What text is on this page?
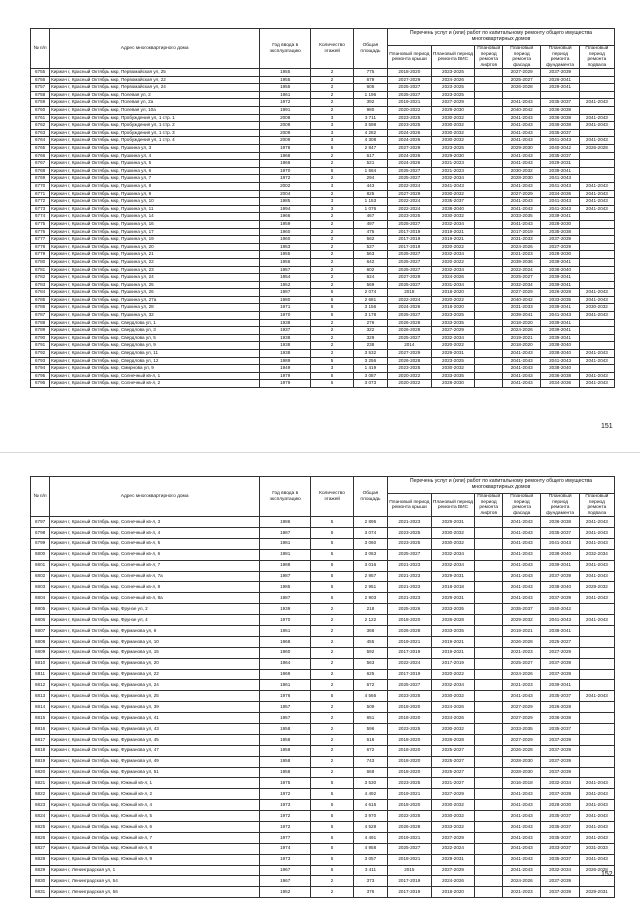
№ п/п	Адрес многоквартирного дома	Год ввода в эксплуатацию	Количество этажей	Общая площадь	Перечень услуг и (или) работ по капитальному ремонту общего имущества многоквартирных домов					
					Плановый период ремонта крыши	Плановый период ремонта ВИС	Плановый период ремонта лифтов	Плановый период ремонта фасада	Плановый период ремонта фундамента	Плановый период ремонта подвала
6755	Киржач г, Красный Октябрь мкр, Первомайская ул, 25	1955	2	775	2018-2020	2023-2025		2027-2029	2037-2039	
6756	Киржач г, Красный Октябрь мкр, Первомайская ул, 22	1955	2	679	2027-2029	2024-2026		2025-2027	2026-2041	
6757	Киржач г, Красный Октябрь мкр, Первомайская ул, 24	1955	2	605	2025-2027	2023-2025		2026-2028	2029-2041	
6758	Киржач г, Красный Октябрь мкр, Полевая ул, 2	1961	2	1 196	2025-2027	2023-2025				
6759	Киржач г, Красный Октябрь мкр, Полевая ул, 2а	1972	2	392	2019-2021	2027-2029		2041-2043	2035-2037	2041-2043
6760	Киржач г, Красный Октябрь мкр, Полевая ул, 10а	1991	2	980	2020-2022	2029-2030		2040-2042	2036-2038	
6761	Киржач г, Красный Октябрь мкр, Пробуждения ул, 1 стр. 1	2008	3	3 711	2023-2025	2030-2032		2041-2043	2036-2038	2041-2043
6762	Киржач г, Красный Октябрь мкр, Пробуждения ул, 1 стр. 2	2008	3	3 598	2023-2025	2030-2032		2041-2043	2036-2038	2041-2043
6763	Киржач г, Красный Октябрь мкр, Пробуждения ул, 1 стр. 3	2009	3	4 282	2024-2026	2030-2032		2041-2043	2035-2037	
6764	Киржач г, Красный Октябрь мкр, Пробуждения ул, 1 стр. 4	2009	3	4 308	2024-2026	2030-2032		2041-2043	2041-2043	2041-2043
6765	Киржач г, Красный Октябрь мкр, Пушкина ул, 3	1978	5	2 847	2027-2029	2023-2025		2029-2030	2040-2042	2026-2028
6766	Киржач г, Красный Октябрь мкр, Пушкина ул, 4	1968	2	617	2024-2026	2029-2030		2041-2043	2035-2037	
6767	Киржач г, Красный Октябрь мкр, Пушкина ул, 5	1966	2	521	2024-2026	2021-2023		2041-2043	2029-2031	
6768	Киржач г, Красный Октябрь мкр, Пушкина ул, 6	1970	5	1 584	2025-2027	2021-2023		2030-2032	2039-2041	
6769	Киржач г, Красный Октябрь мкр, Пушкина ул, 7	1972	2	294	2025-2027	2032-2034		2028-2030	2041-2043	
6770	Киржач г, Красный Октябрь мкр, Пушкина ул, 8	2002	3	443	2022-2024	2041-2043		2041-2043	2041-2043	2041-2043
6771	Киржач г, Красный Октябрь мкр, Пушкина ул, 9	2004	2	825	2027-2029	2030-2032		2027-2029	2034-2036	2041-2043
6772	Киржач г, Красный Октябрь мкр, Пушкина ул, 10	1985	3	1 153	2022-2024	2035-2037		2041-2043	2041-2043	2041-2043
6773	Киржач г, Красный Октябрь мкр, Пушкина ул, 11	1994	3	1 076	2022-2024	2038-2040		2041-2043	2041-2043	2041-2043
6774	Киржач г, Красный Октябрь мкр, Пушкина ул, 14	1966	2	467	2023-2025	2030-2032		2033-2035	2039-2041	
6775	Киржач г, Красный Октябрь мкр, Пушкина ул, 16	1959	2	497	2025-2027	2032-2034		2041-2043	2028-2030	
6776	Киржач г, Красный Октябрь мкр, Пушкина ул, 17	1960	2	475	2017-2019	2019-2021		2017-2019	2035-2038	
6777	Киржач г, Красный Октябрь мкр, Пушкина ул, 19	1960	2	562	2017-2019	2019-2021		2031-2033	2037-2039	
6778	Киржач г, Красный Октябрь мкр, Пушкина ул, 20	1953	2	527	2017-2019	2020-2022		2024-2026	2027-2029	
6779	Киржач г, Красный Октябрь мкр, Пушкина ул, 21	1955	2	563	2025-2027	2032-2034		2021-2023	2028-2030	
6780	Киржач г, Красный Октябрь мкр, Пушкина ул, 22	1956	2	642	2025-2027	2020-2022		2039-2036	2039-2041	
6781	Киржач г, Красный Октябрь мкр, Пушкина ул, 23	1957	2	602	2025-2027	2032-2034		2022-2024	2038-2040	
6782	Киржач г, Красный Октябрь мкр, Пушкина ул, 24	1954	2	624	2027-2029	2024-2026		2025-2027	2039-2041	
6783	Киржач г, Красный Октябрь мкр, Пушкина ул, 25	1952	2	569	2025-2027	2031-2034		2032-2034	2039-2041	
6784	Киржач г, Красный Октябрь мкр, Пушкина ул, 26	1987	5	2 074	2018	2018-2020		2027-2029	2026-2028	2041-2043
6785	Киржач г, Красный Октябрь мкр, Пушкина ул, 27а	1980	5	2 681	2022-2024	2020-2022		2040-2042	2033-2035	2041-2043
6786	Киржач г, Красный Октябрь мкр, Пушкина ул, 28	1971	5	3 156	2024-2026	2018-2020		2031-2033	2039-2041	2030-2032
6787	Киржач г, Красный Октябрь мкр, Пушкина ул, 32	1970	5	3 178	2025-2027	2023-2025		2039-2041	2041-2043	2041-2043
6788	Киржач г, Красный Октябрь мкр, Свердлова ул, 1	1938	2	276	2026-2028	2033-2035		2018-2020	2039-2041	
6789	Киржач г, Красный Октябрь мкр, Свердлова ул, 3	1937	2	322	2026-2028	2027-2029		2024-2026	2039-2041	
6790	Киржач г, Красный Октябрь мкр, Свердлова ул, 5	1938	2	329	2025-2027	2032-2034		2019-2021	2039-2041	
6791	Киржач г, Красный Октябрь мкр, Свердлова ул, 9	1938	2	238	2014	2020-2022		2018-2020	2038-2040	
6792	Киржач г, Красный Октябрь мкр, Свердлова ул, 11	1938	2	3 532	2027-2029	2029-2031		2041-2043	2038-2040	2041-2043
6793	Киржач г, Красный Октябрь мкр, Свердлова ул, 12	1989	5	3 256	2026-2028	2023-2025		2041-2043	2041-2043	2041-2043
6794	Киржач г, Красный Октябрь мкр, Смирнова ул, 9	1949	3	1 419	2023-2025	2030-2032		2041-2043	2038-2040	
6795	Киржач г, Красный Октябрь мкр, Солнечный кв-л, 1	1979	5	3 087	2020-2022	2033-2035		2041-2043	2036-2038	2041-2043
6796	Киржач г, Красный Октябрь мкр, Солнечный кв-л, 2	1979	5	3 073	2020-2022	2028-2030		2041-2043	2034-2036	2041-2043
151
№ п/п	Адрес многоквартирного дома	Год ввода в эксплуатацию	Количество этажей	Общая площадь	Перечень услуг и (или) работ по капитальному ремонту общего имущества многоквартирных домов					
					Плановый период ремонта крыши	Плановый период ремонта ВИС	Плановый период ремонта лифтов	Плановый период ремонта фасада	Плановый период ремонта фундамента	Плановый период ремонта подвала
6797	Киржач г, Красный Октябрь мкр, Солнечный кв-л, 3	1986	5	2 895	2021-2023	2029-2031		2041-2043	2036-2038	2041-2043
6798	Киржач г, Красный Октябрь мкр, Солнечный кв-л, 4	1987	5	3 074	2023-2025	2030-2032		2041-2043	2035-2037	2041-2043
6799	Киржач г, Красный Октябрь мкр, Солнечный кв-л, 5	1981	5	3 060	2023-2025	2030-2032		2041-2043	2041-2043	2041-2043
6800	Киржач г, Красный Октябрь мкр, Солнечный кв-л, 6	1981	5	3 063	2025-2027	2032-2034		2041-2043	2038-2040	2032-2034
6801	Киржач г, Красный Октябрь мкр, Солнечный кв-л, 7	1988	5	3 016	2021-2023	2032-2034		2041-2043	2039-2041	2041-2043
6802	Киржач г, Красный Октябрь мкр, Солнечный кв-л, 7а	1987	5	2 957	2021-2023	2029-2031		2041-2043	2037-2039	2041-2043
6803	Киржач г, Красный Октябрь мкр, Солнечный кв-л, 8	1985	5	2 951	2021-2023	2018-2018		2041-2043	2038-2040	2029-2032
6804	Киржач г, Красный Октябрь мкр, Солнечный кв-л, 8а	1987	5	2 903	2021-2023	2029-2031		2041-2043	2037-2039	2041-2043
6805	Киржач г, Красный Октябрь мкр, Фрунзе ул, 2	1939	2	218	2025-2026	2033-2035		2035-2037	2040-2042	
6806	Киржач г, Красный Октябрь мкр, Фрунзе ул, 4	1970	2	2 122	2018-2020	2026-2028		2029-2032	2041-2043	2041-2043
6807	Киржач г, Красный Октябрь мкр, Фурманова ул, 6	1951	2	368	2026-2028	2033-2035		2019-2021	2038-2041	
6808	Киржач г, Красный Октябрь мкр, Фурманова ул, 10	1968	2	455	2019-2021	2019-2021		2026-2028	2025-2027	
6809	Киржач г, Красный Октябрь мкр, Фурманова ул, 15	1960	2	592	2017-2019	2019-2021		2021-2023	2027-2029	
6810	Киржач г, Красный Октябрь мкр, Фурманова ул, 20	1964	2	563	2022-2024	2017-2019		2025-2027	2037-2039	
6811	Киржач г, Красный Октябрь мкр, Фурманова ул, 22	1969	2	625	2017-2019	2020-2022		2024-2026	2037-2039	
6812	Киржач г, Красный Октябрь мкр, Фурманова ул, 24	1961	2	672	2025-2027	2032-2034		2021-2023	2039-2041	
6813	Киржач г, Красный Октябрь мкр, Фурманова ул, 25	1976	5	4 566	2023-2025	2030-2032		2041-2043	2035-2037	2041-2043
6814	Киржач г, Красный Октябрь мкр, Фурманова ул, 39	1957	2	509	2018-2020	2024-2026		2027-2029	2026-2028	
6815	Киржач г, Красный Октябрь мкр, Фурманова ул, 41	1957	2	651	2018-2020	2024-2026		2027-2029	2036-2038	
6816	Киржач г, Красный Октябрь мкр, Фурманова ул, 43	1958	2	596	2023-2025	2030-2032		2033-2035	2035-2037	
6817	Киржач г, Красный Октябрь мкр, Фурманова ул, 45	1958	2	616	2018-2020	2026-2028		2027-2029	2037-2039	
6818	Киржач г, Красный Октябрь мкр, Фурманова ул, 47	1958	2	672	2018-2020	2025-2027		2026-2028	2037-2039	
6819	Киржач г, Красный Октябрь мкр, Фурманова ул, 49	1958	2	743	2018-2020	2025-2027		2028-2030	2037-2039	
6820	Киржач г, Красный Октябрь мкр, Фурманова ул, 51	1958	2	668	2018-2020	2025-2027		2028-2030	2037-2039	
6821	Киржач г, Красный Октябрь мкр, Южный кв-л, 1	1975	5	3 530	2023-2025	2021-2027		2016-2018	2032-2034	2041-2043
6822	Киржач г, Красный Октябрь мкр, Южный кв-л, 2	1972	5	4 492	2019-2021	2027-2029		2041-2043	2037-2039	2041-2043
6823	Киржач г, Красный Октябрь мкр, Южный кв-л, 4	1973	5	4 615	2018-2020	2030-2032		2041-2043	2028-2030	2041-2043
6824	Киржач г, Красный Октябрь мкр, Южный кв-л, 5	1972	5	3 970	2022-2025	2030-2032		2041-2043	2035-2037	2041-2043
6825	Киржач г, Красный Октябрь мкр, Южный кв-л, 6	1972	5	4 528	2026-2028	2033-2032		2041-2043	2035-2037	2041-2043
6826	Киржач г, Красный Октябрь мкр, Южный кв-л, 7	1977	5	4 491	2019-2021	2027-2029		2041-2043	2035-2037	2041-2043
6827	Киржач г, Красный Октябрь мкр, Южный кв-л, 8	1974	5	4 958	2025-2027	2022-2024		2041-2043	2033-2037	2031-2033
6828	Киржач г, Красный Октябрь мкр, Южный кв-л, 9	1973	5	3 057	2018-2021	2029-2031		2041-2043	2035-2037	2041-2043
6829	Киржач г, Ленинградская ул, 1	1967	5	3 411	2015	2027-2029		2041-2043	2032-2034	2026-2028
6830	Киржач г, Ленинградская ул, 54	1967	2	373	2017-2019	2024-2026		2024-2026	2037-2039	
6831	Киржач г, Ленинградская ул, 56	1952	2	376	2017-2019	2018-2020		2021-2023	2037-2039	2029-2031
152
